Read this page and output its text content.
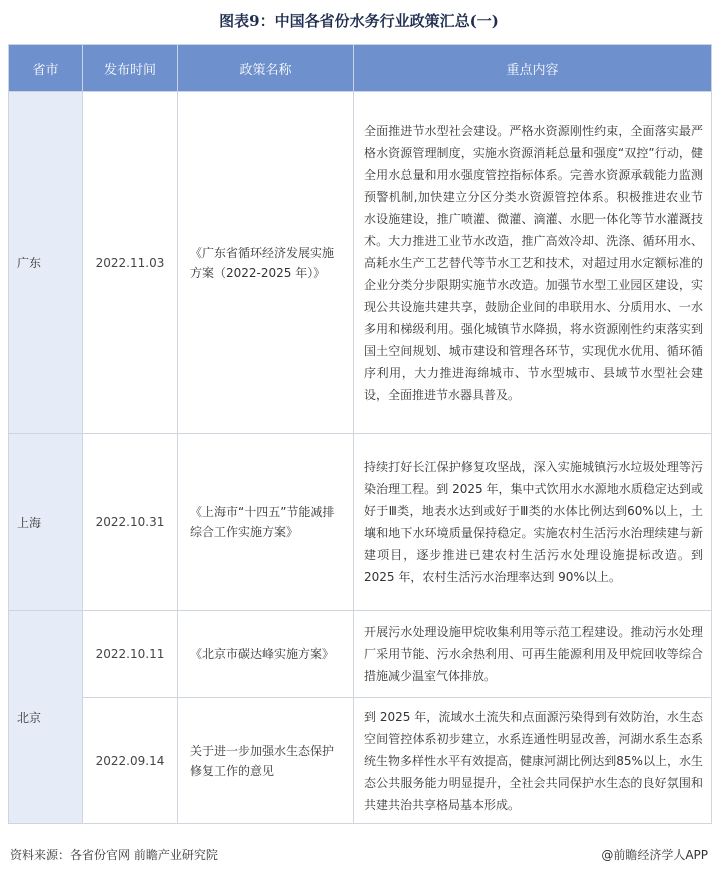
图表9：中国各省份水务行业政策汇总(一)
省市	发布时间	政策名称	重点内容
广东	2022.11.03	《广东省循环经济发展实施方案（2022-2025 年）》	全面推进节水型社会建设。严格水资源刚性约束，全面落实最严格水资源管理制度，实施水资源消耗总量和强度“双控”行动，健全用水总量和用水强度管控指标体系。完善水资源承载能力监测预警机制,加快建立分区分类水资源管控体系。积极推进农业节水设施建设，推广喷灌、微灌、滴灌、水肥一体化等节水灌溉技术。大力推进工业节水改造，推广高效冷却、洗涤、循环用水、高耗水生产工艺替代等节水工艺和技术，对超过用水定额标准的企业分类分步限期实施节水改造。加强节水型工业园区建设，实现公共设施共建共享，鼓励企业间的串联用水、分质用水、一水多用和梯级利用。强化城镇节水降损，将水资源刚性约束落实到国土空间规划、城市建设和管理各环节，实现优水优用、循环循序利用，大力推进海绵城市、节水型城市、县域节水型社会建设，全面推进节水器具普及。
上海	2022.10.31	《上海市“十四五”节能减排综合工作实施方案》	持续打好长江保护修复攻坚战，深入实施城镇污水垃圾处理等污染治理工程。到 2025 年，集中式饮用水水源地水质稳定达到或好于Ⅲ类，地表水达到或好于Ⅲ类的水体比例达到60%以上，土壤和地下水环境质量保持稳定。实施农村生活污水治理续建与新建项目，逐步推进已建农村生活污水处理设施提标改造。到 2025 年，农村生活污水治理率达到 90%以上。
北京	2022.10.11	《北京市碳达峰实施方案》	开展污水处理设施甲烷收集利用等示范工程建设。推动污水处理厂采用节能、污水余热利用、可再生能源利用及甲烷回收等综合措施减少温室气体排放。
	2022.09.14	关于进一步加强水生态保护修复工作的意见	到 2025 年，流域水土流失和点面源污染得到有效防治，水生态空间管控体系初步建立，水系连通性明显改善，河湖水系生态系统生物多样性水平有效提高，健康河湖比例达到85%以上，水生态公共服务能力明显提升，全社会共同保护水生态的良好氛围和共建共治共享格局基本形成。
资料来源：各省份官网 前瞻产业研究院	@前瞻经济学人APP
